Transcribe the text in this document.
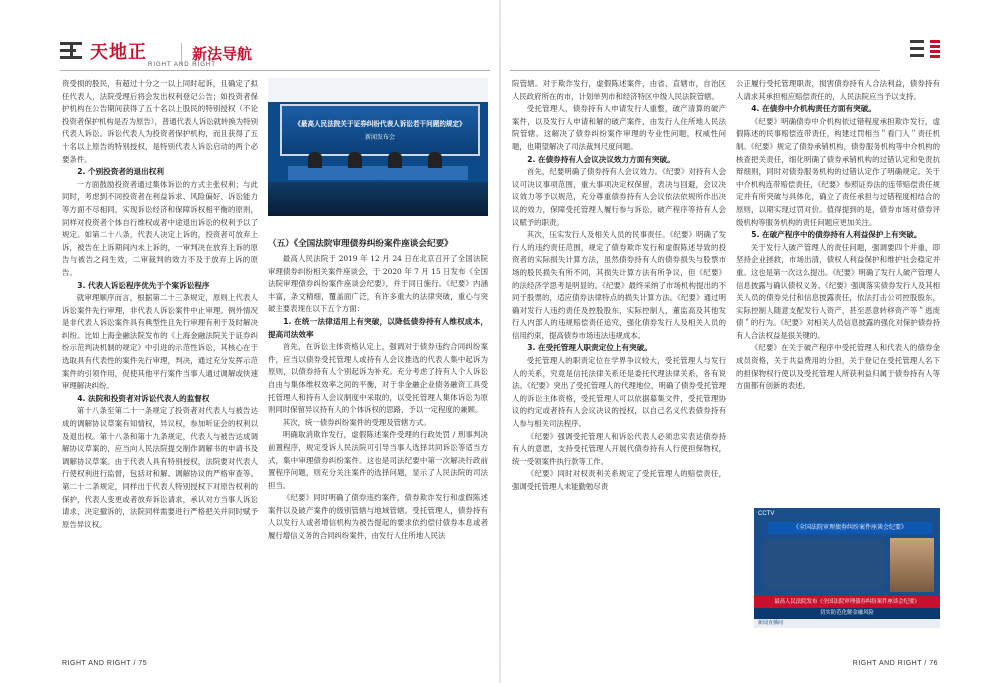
天地正
RIGHT AND RIGHT
新法导航

资受损的股民，有超过十分之一以上同时起诉，且确定了拟任代表人，法院受理后将会发出权利登记公告；如投资者保护机构在公告期间获得了五十名以上股民的特别授权（不论投资者保护机构是否为原告），普通代表人诉讼就转换为特别代表人诉讼。诉讼代表人为投资者保护机构，而且获得了五十名以上原告的特别授权，是特别代表人诉讼启动的两个必要条件。

2. 个别投资者的退出权利

一方面鼓励投资者通过集体诉讼的方式主张权利；与此同时，考虑到不同投资者在利益诉求、风险偏好、诉讼能力等方面不尽相同，实现诉讼经济和保障诉权相平衡的原则，同样对投资者个体自行维权或者中途退出诉讼的权利予以了规定。如第二十八条，代表人决定上诉的，投资者可放弃上诉，被告在上诉期间内未上诉的，一审判决在放弃上诉的原告与被告之间生效，二审裁判的效力不及于放弃上诉的原告。

3. 代表人诉讼程序优先于个案诉讼程序

就审理顺序而言，根据第二十三条规定，原则上代表人诉讼案件先行审理，非代表人诉讼案件中止审理。例外情况是非代表人诉讼案件具有典型性且先行审理有利于及时解决纠纷。比如上海金融法院发布的《上海金融法院关于证券纠纷示范判决机制的规定》中引进的示范性诉讼，其核心在于选取具有代表性的案件先行审理，判决，通过充分发挥示范案件的引领作用，促使其他平行案件当事人通过调解或快速审理解决纠纷。

4. 法院和投资者对诉讼代表人的监督权

第十八条至第二十一条规定了投资者对代表人与被告达成的调解协议草案有知情权，异议权，参加听证会的权利以及退出权。第十八条和第十九条规定，代表人与被告达成调解协议草案的，应当向人民法院提交制作调解书的申请书及调解协议草案。由于代表人具有特别授权，法院要对代表人行使权利进行监督，包括对和解、调解协议的严格审查等。第二十二条规定，同样出于代表人特别授权下对原告权利的保护，代表人变更或者放弃诉讼请求，承认对方当事人诉讼请求，决定撤诉的，法院同样需要进行严格把关并同时赋予原告异议权。

《最高人民法院关于证券纠纷代表人诉讼若干问题的规定》
新闻发布会
（五）《全国法院审理债券纠纷案件座谈会纪要》

最高人民法院于 2019 年 12 月 24 日在北京召开了全国法院审理债券纠纷相关案件座谈会，于 2020 年 7 月 15 日发布《全国法院审理债券纠纷案件座谈会纪要》，并于同日施行。《纪要》内涵丰富，条文精细，覆盖面广泛，有许多重大的法律突破，重心与突破主要表现在以下五个方面：

1. 在统一法律适用上有突破，以降低债券持有人维权成本，提高司法效率

首先，在诉讼主体资格认定上，强调对于债券违约合同纠纷案件，应当以债券受托管理人或持有人会议推选的代表人集中起诉为原则，以债券持有人个别起诉为补充。充分考虑了持有人个人诉讼自由与集体维权效率之间的平衡，对于非金融企业债务融资工具受托管理人和持有人会议制度中采取的，以受托管理人集体诉讼为原则同时保留异议持有人的个体诉权的思路，予以一定程度的兼顾。

其次，统一债券纠纷案件的受理及管辖方式。

明确取消欺诈发行，虚假陈述案件受理的行政处罚 / 刑事判决前置程序，规定受诉人民法院可引导当事人选择共同诉讼等适当方式，集中审理债券纠纷案件。这也是司法纪要中第一次解决行政前置程序问题，则充分关注案件的选择问题，显示了人民法院的司法担当。

《纪要》同时明确了债券违约案件，债券欺诈发行和虚假陈述案件以及破产案件的级别管辖与地域管辖。受托管理人，债券持有人以发行人或者增信机构为被告提起的要求依约偿付债券本息或者履行增信义务的合同纠纷案件，由发行人住所地人民法

院管辖。对于欺诈发行，虚假陈述案件，由省、直辖市，自治区人民政府所在的市，计划单列市和经济特区中级人民法院管辖。

受托管理人，债券持有人申请发行人重整，破产清算的破产案件，以及发行人申请和解的破产案件，由发行人住所地人民法院管辖。这解决了债券纠纷案件审理的专业性问题，权威性问题，也期望解决了司法裁判尺度问题。

2. 在债券持有人会议决议效力方面有突破。

首先，纪要明确了债券持有人会议效力。《纪要》对持有人会议可决议事项范围，重大事项决定权保留，表决与回避，会议决议效力等予以规范，充分尊重债券持有人会议依法依规所作出决议的效力，保障受托管理人履行参与诉讼，破产程序等持有人会议赋予的职责。

其次，压实发行人及相关人员的民事责任。《纪要》明确了发行人的违约责任范围，规定了债券欺诈发行和虚假陈述导致的投资者的实际损失计算方法，虽然债券持有人的债券损失与股票市场的股民损失有所不同，其损失计算方法有所争议，但《纪要》的法经济学思考是明显的。《纪要》最终采纳了市场机构提出的不同于股票的，适应债券法律特点的损失计算方法。《纪要》通过明确对发行人违约责任及控股股东，实际控制人，董监高及其他发行人内部人的违规赔偿责任追究，强化债券发行人及相关人员的信用约束，提高债券市场违法违规成本。

3. 在受托管理人职责定位上有突破。

受托管理人的职责定位在学界争议较大，受托管理人与发行人的关系，究竟是信托法律关系还是委托代理法律关系，各有说法。《纪要》突出了受托管理人的代理地位，明确了债券受托管理人的诉讼主体资格，受托管理人可以依据募集文件，受托管理协议的约定或者持有人会议决议的授权，以自己名义代表债券持有人参与相关司法程序。

《纪要》强调受托管理人和诉讼代表人必须忠实表达债券持有人的意愿，支持受托管理人开展代债券持有人行使担保物权，统一受领案件执行款等工作。

《纪要》同时对权责利关系规定了受托管理人的赔偿责任，强调受托管理人未能勤勉尽责

公正履行受托管理职责，损害债券持有人合法利益，债券持有人请求其承担相应赔偿责任的，人民法院应当予以支持。

4. 在债券中介机构责任方面有突破。

《纪要》明确债券中介机构依过错程度承担欺诈发行，虚假陈述的民事赔偿连带责任，构建过罚相当＂看门人＂责任机制。《纪要》规定了债券承销机构，债券服务机构等中介机构的核查把关责任，细化明确了债券承销机构的过错认定和免责抗辩细则，同时对债券服务机构的过错认定作了明确规定。关于中介机构连带赔偿责任，《纪要》参照证券法的连带赔偿责任规定并有所突破与具体化，确立了责任承担与过错程度相结合的原则，以期实现过罚对价。值得提到的是，债券市场对债券评级机构等服务机构的责任问题应更加关注。

5. 在破产程序中的债券持有人利益保护上有突破。

关于发行人破产管理人的责任问题，强调要四个并重，即坚持企业拯救，市场出清，债权人利益保护和维护社会稳定并重。这也是第一次这么提出。《纪要》明确了发行人破产管理人信息披露与确认债权义务。《纪要》强调落实债券发行人及其相关人员的债券兑付和信息披露责任，依法打击公司控股股东，实际控制人随意支配发行人资产，甚至恶意转移资产等＂逃废债＂的行为。《纪要》对相关人员信息披露的强化对保护债券持有人合法权益是很关键的。

《纪要》在关于破产程序中受托管理人和代表人的债券金成员资格，关于共益费用的分担，关于登记在受托管理人名下的担保物权行使以及受托管理人所获利益归属于债券持有人等方面都有创新的表述。

CCTV
《全国法院审理债券纠纷案件座谈会纪要》
最高人民法院发布《全国法院审理债券纠纷案件座谈会纪要》
切实防范化解金融风险
新闻直播间
RIGHT AND RIGHT / 75	RIGHT AND RIGHT / 76
